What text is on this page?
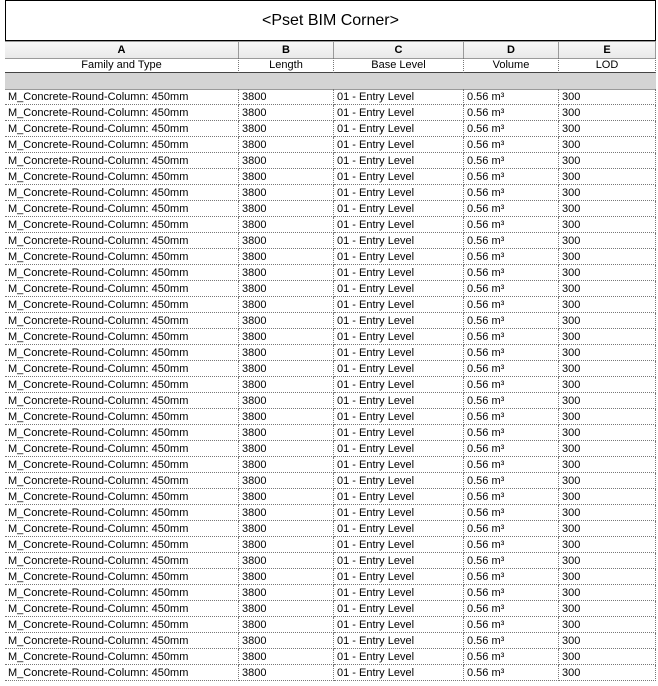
<Pset BIM Corner>
A	B	C	D	E
Family and Type	Length	Base Level	Volume	LOD
M_Concrete-Round-Column: 450mm	3800	01 - Entry Level	0.56 m³	300
M_Concrete-Round-Column: 450mm	3800	01 - Entry Level	0.56 m³	300
M_Concrete-Round-Column: 450mm	3800	01 - Entry Level	0.56 m³	300
M_Concrete-Round-Column: 450mm	3800	01 - Entry Level	0.56 m³	300
M_Concrete-Round-Column: 450mm	3800	01 - Entry Level	0.56 m³	300
M_Concrete-Round-Column: 450mm	3800	01 - Entry Level	0.56 m³	300
M_Concrete-Round-Column: 450mm	3800	01 - Entry Level	0.56 m³	300
M_Concrete-Round-Column: 450mm	3800	01 - Entry Level	0.56 m³	300
M_Concrete-Round-Column: 450mm	3800	01 - Entry Level	0.56 m³	300
M_Concrete-Round-Column: 450mm	3800	01 - Entry Level	0.56 m³	300
M_Concrete-Round-Column: 450mm	3800	01 - Entry Level	0.56 m³	300
M_Concrete-Round-Column: 450mm	3800	01 - Entry Level	0.56 m³	300
M_Concrete-Round-Column: 450mm	3800	01 - Entry Level	0.56 m³	300
M_Concrete-Round-Column: 450mm	3800	01 - Entry Level	0.56 m³	300
M_Concrete-Round-Column: 450mm	3800	01 - Entry Level	0.56 m³	300
M_Concrete-Round-Column: 450mm	3800	01 - Entry Level	0.56 m³	300
M_Concrete-Round-Column: 450mm	3800	01 - Entry Level	0.56 m³	300
M_Concrete-Round-Column: 450mm	3800	01 - Entry Level	0.56 m³	300
M_Concrete-Round-Column: 450mm	3800	01 - Entry Level	0.56 m³	300
M_Concrete-Round-Column: 450mm	3800	01 - Entry Level	0.56 m³	300
M_Concrete-Round-Column: 450mm	3800	01 - Entry Level	0.56 m³	300
M_Concrete-Round-Column: 450mm	3800	01 - Entry Level	0.56 m³	300
M_Concrete-Round-Column: 450mm	3800	01 - Entry Level	0.56 m³	300
M_Concrete-Round-Column: 450mm	3800	01 - Entry Level	0.56 m³	300
M_Concrete-Round-Column: 450mm	3800	01 - Entry Level	0.56 m³	300
M_Concrete-Round-Column: 450mm	3800	01 - Entry Level	0.56 m³	300
M_Concrete-Round-Column: 450mm	3800	01 - Entry Level	0.56 m³	300
M_Concrete-Round-Column: 450mm	3800	01 - Entry Level	0.56 m³	300
M_Concrete-Round-Column: 450mm	3800	01 - Entry Level	0.56 m³	300
M_Concrete-Round-Column: 450mm	3800	01 - Entry Level	0.56 m³	300
M_Concrete-Round-Column: 450mm	3800	01 - Entry Level	0.56 m³	300
M_Concrete-Round-Column: 450mm	3800	01 - Entry Level	0.56 m³	300
M_Concrete-Round-Column: 450mm	3800	01 - Entry Level	0.56 m³	300
M_Concrete-Round-Column: 450mm	3800	01 - Entry Level	0.56 m³	300
M_Concrete-Round-Column: 450mm	3800	01 - Entry Level	0.56 m³	300
M_Concrete-Round-Column: 450mm	3800	01 - Entry Level	0.56 m³	300
M_Concrete-Round-Column: 450mm	3800	01 - Entry Level	0.56 m³	300
